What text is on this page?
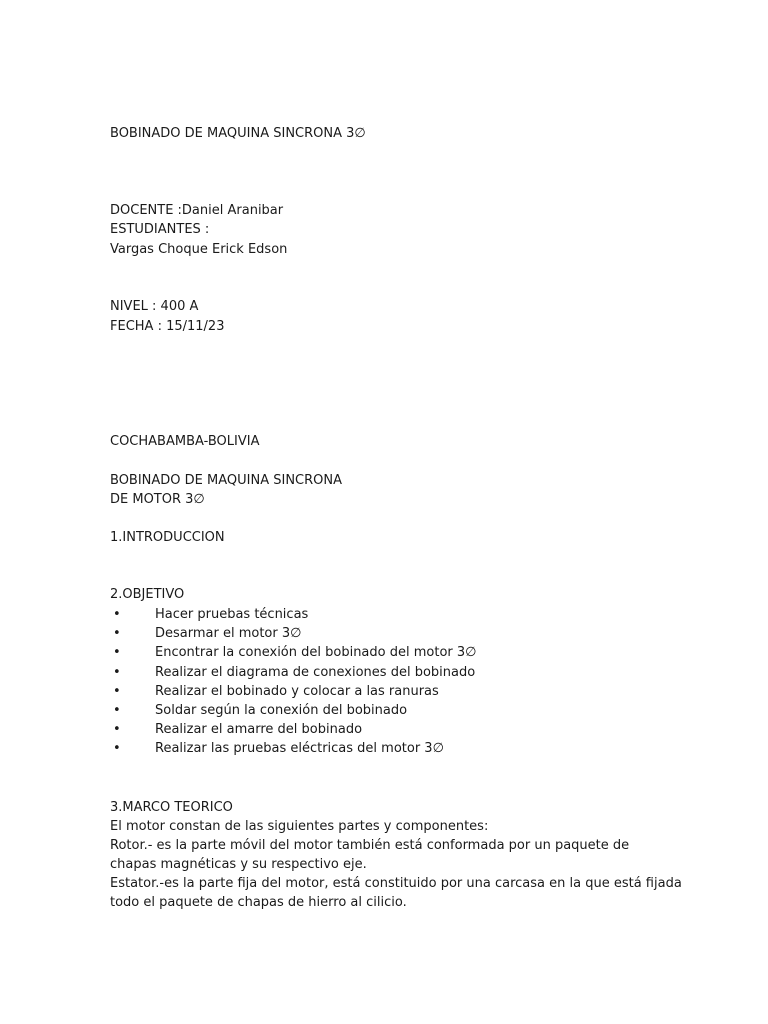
BOBINADO DE MAQUINA SINCRONA 3∅
DOCENTE :Daniel Aranibar
ESTUDIANTES :
Vargas Choque Erick Edson
NIVEL : 400 A
FECHA : 15/11/23
COCHABAMBA-BOLIVIA
BOBINADO DE MAQUINA SINCRONA
DE MOTOR 3∅
1.INTRODUCCION
2.OBJETIVO
•	Hacer pruebas técnicas
•	Desarmar el motor 3∅
•	Encontrar la conexión del bobinado del motor 3∅
•	Realizar el diagrama de conexiones del bobinado
•	Realizar el bobinado y colocar a las ranuras
•	Soldar según la conexión del bobinado
•	Realizar el amarre del bobinado
•	Realizar las pruebas eléctricas del motor 3∅
3.MARCO TEORICO
El motor constan de las siguientes partes y componentes:
Rotor.- es la parte móvil del motor también está conformada por un paquete de
chapas magnéticas y su respectivo eje.
Estator.-es la parte fija del motor, está constituido por una carcasa en la que está fijada
todo el paquete de chapas de hierro al cilicio.
